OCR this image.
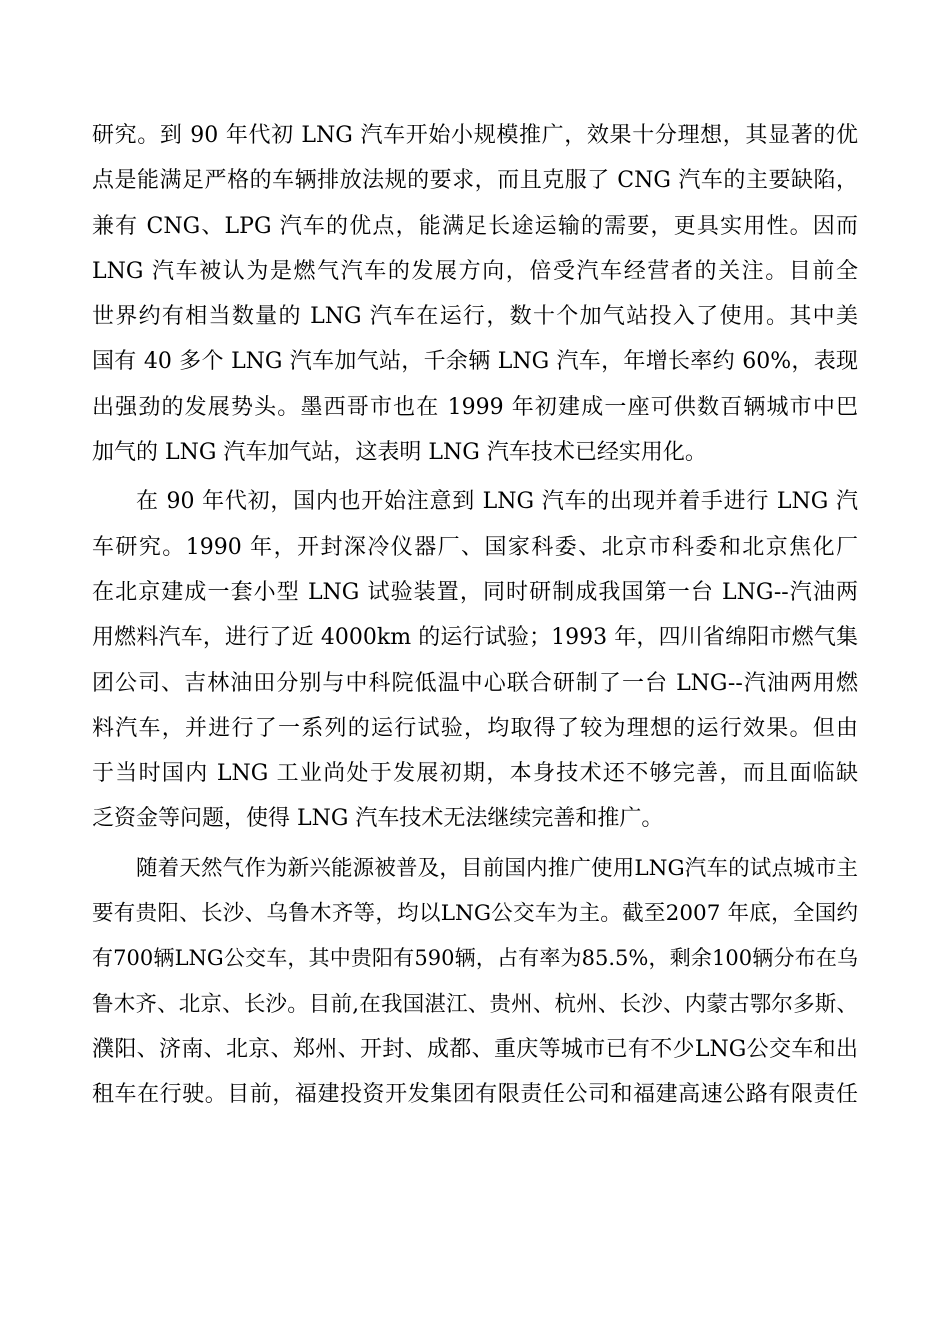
研究。到 90 年代初 LNG 汽车开始小规模推广，效果十分理想，其显著的优
点是能满足严格的车辆排放法规的要求，而且克服了 CNG 汽车的主要缺陷，
兼有 CNG、LPG 汽车的优点，能满足长途运输的需要，更具实用性。因而
LNG 汽车被认为是燃气汽车的发展方向，倍受汽车经营者的关注。目前全
世界约有相当数量的 LNG 汽车在运行，数十个加气站投入了使用。其中美
国有 40 多个 LNG 汽车加气站，千余辆 LNG 汽车，年增长率约 60%，表现
出强劲的发展势头。墨西哥市也在 1999 年初建成一座可供数百辆城市中巴
加气的 LNG 汽车加气站，这表明 LNG 汽车技术已经实用化。
在 90 年代初，国内也开始注意到 LNG 汽车的出现并着手进行 LNG 汽
车研究。1990 年，开封深冷仪器厂、国家科委、北京市科委和北京焦化厂
在北京建成一套小型 LNG 试验装置，同时研制成我国第一台 LNG--汽油两
用燃料汽车，进行了近 4000km 的运行试验；1993 年，四川省绵阳市燃气集
团公司、吉林油田分别与中科院低温中心联合研制了一台 LNG--汽油两用燃
料汽车，并进行了一系列的运行试验，均取得了较为理想的运行效果。但由
于当时国内 LNG 工业尚处于发展初期，本身技术还不够完善，而且面临缺
乏资金等问题，使得 LNG 汽车技术无法继续完善和推广。
随着天然气作为新兴能源被普及，目前国内推广使用LNG汽车的试点城市主
要有贵阳、长沙、乌鲁木齐等，均以LNG公交车为主。截至2007 年底，全国约
有700辆LNG公交车，其中贵阳有590辆，占有率为85.5%，剩余100辆分布在乌
鲁木齐、北京、长沙。目前,在我国湛江、贵州、杭州、长沙、内蒙古鄂尔多斯、
濮阳、济南、北京、郑州、开封、成都、重庆等城市已有不少LNG公交车和出
租车在行驶。目前，福建投资开发集团有限责任公司和福建高速公路有限责任
